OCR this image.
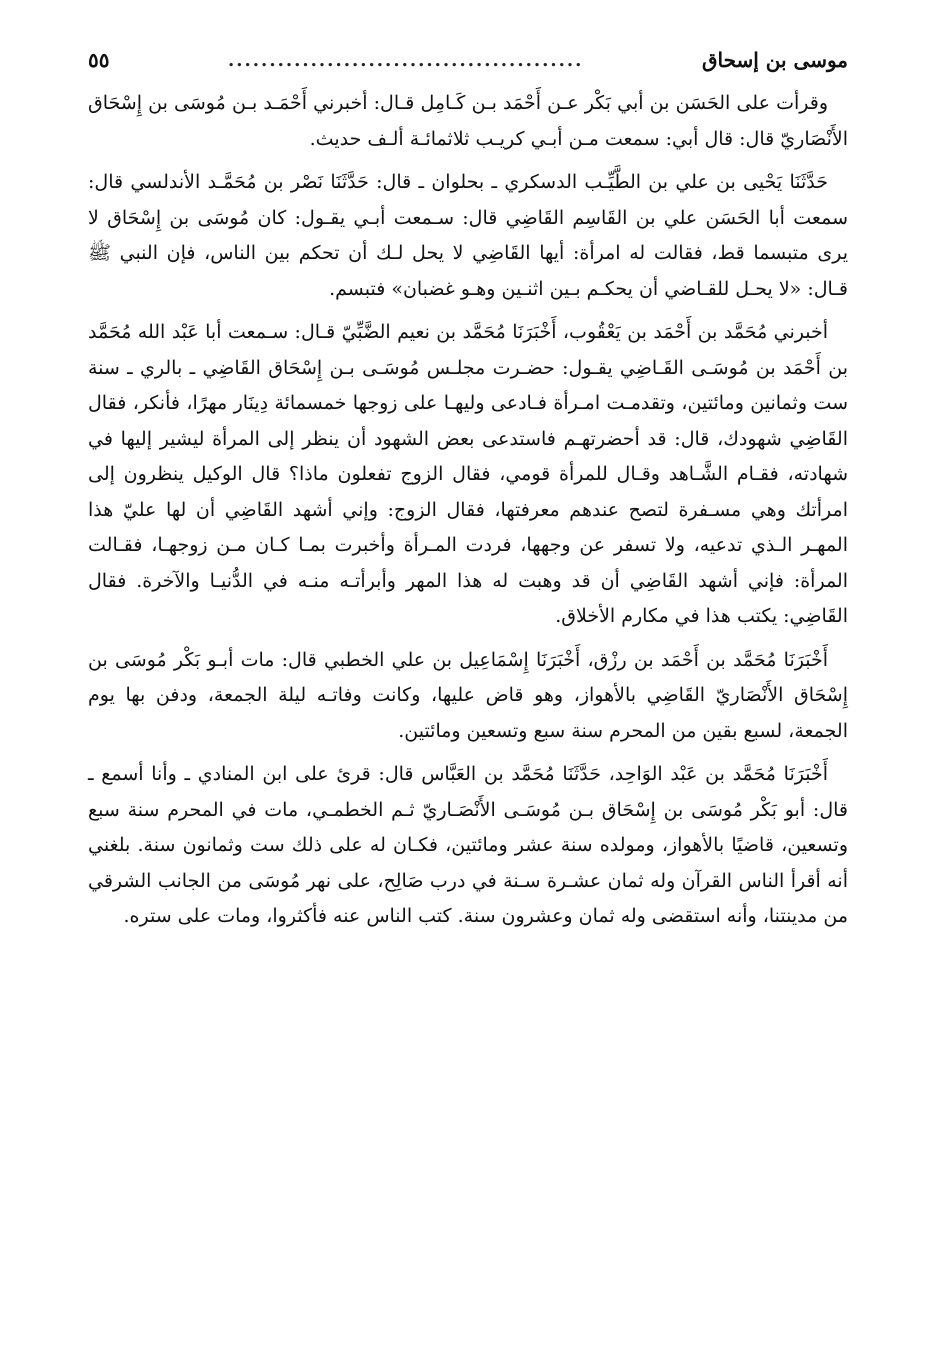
موسى بن إسحاق
...........................................
٥٥

وقرأت على الحَسَن بن أبي بَكْر عـن أَحْمَد بـن كَـامِل قـال: أخبرني أَحْمَـد بـن مُوسَى بن إِسْحَاق الأَنْصَاريّ قال: قال أبي: سمعت مـن أبـي كريـب ثلاثمائـة ألـف حديث.

حَدَّثَنَا يَحْيى بن علي بن الطَّيِّـب الدسكري ـ بحلوان ـ قال: حَدَّثَنَا نَصْر بن مُحَمَّـد الأندلسي قال: سمعت أبا الحَسَن علي بن القَاسِم القَاضِي قال: سـمعت أبـي يقـول: كان مُوسَى بن إِسْحَاق لا يرى متبسما قط، فقالت له امرأة: أيها القَاضِي لا يحل لـك أن تحكم بين الناس، فإن النبي ﷺ قـال: «لا يحـل للقـاضي أن يحكـم بـين اثنـين وهـو غضبان» فتبسم.

أخبرني مُحَمَّد بن أَحْمَد بن يَعْقُوب، أَخْبَرَنَا مُحَمَّد بن نعيم الضَّبِّيّ قـال: سـمعت أبا عَبْد الله مُحَمَّد بن أَحْمَد بن مُوسَـى القَـاضِي يقـول: حضـرت مجلـس مُوسَـى بـن إِسْحَاق القَاضِي ـ بالري ـ سنة ست وثمانين ومائتين، وتقدمـت امـرأة فـادعى وليهـا على زوجها خمسمائة دِينَار مهرًا، فأنكر، فقال القَاضِي شهودك، قال: قد أحضرتهـم فاستدعى بعض الشهود أن ينظر إلى المرأة ليشير إليها في شهادته، فقـام الشَّـاهد وقـال للمرأة قومي، فقال الزوج تفعلون ماذا؟ قال الوكيل ينظرون إلى امرأتك وهي مسـفرة لتصح عندهم معرفتها، فقال الزوج: وإني أشهد القَاضِي أن لها عليّ هذا المهـر الـذي تدعيه، ولا تسفر عن وجهها، فردت المـرأة وأخبرت بمـا كـان مـن زوجهـا، فقـالت المرأة: فإني أشهد القَاضِي أن قد وهبت له هذا المهر وأبرأتـه منـه في الدُّنيـا والآخرة. فقال القَاضِي: يكتب هذا في مكارم الأخلاق.

أَخْبَرَنَا مُحَمَّد بن أَحْمَد بن رزْق، أَخْبَرَنَا إِسْمَاعِيل بن علي الخطبي قال: مات أبـو بَكْر مُوسَى بن إِسْحَاق الأَنْصَاريّ القَاضِي بالأهواز، وهو قاض عليها، وكانت وفاتـه ليلة الجمعة، ودفن بها يوم الجمعة، لسبع بقين من المحرم سنة سبع وتسعين ومائتين.

أَخْبَرَنَا مُحَمَّد بن عَبْد الوَاحِد، حَدَّثَنَا مُحَمَّد بن العَبَّاس قال: قرئ على ابن المنادي ـ وأنا أسمع ـ قال: أبو بَكْر مُوسَى بن إِسْحَاق بـن مُوسَـى الأَنْصَـاريّ ثـم الخطمـي، مات في المحرم سنة سبع وتسعين، قاضيًا بالأهواز، ومولده سنة عشر ومائتين، فكـان له على ذلك ست وثمانون سنة. بلغني أنه أقرأ الناس القرآن وله ثمان عشـرة سـنة في درب صَالِح، على نهر مُوسَى من الجانب الشرقي من مدينتنا، وأنه استقضى وله ثمان وعشرون سنة. كتب الناس عنه فأكثروا، ومات على ستره.
